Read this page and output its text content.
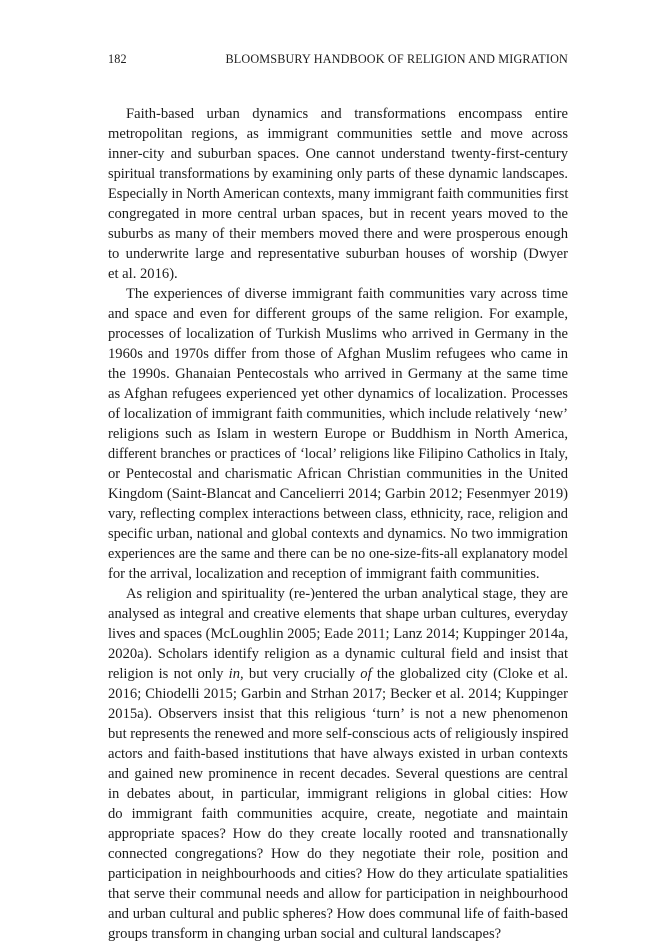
182	BLOOMSBURY HANDBOOK OF RELIGION AND MIGRATION

Faith-based urban dynamics and transformations encompass entire
metropolitan regions, as immigrant communities settle and move across
inner-city and suburban spaces. One cannot understand twenty-first-century
spiritual transformations by examining only parts of these dynamic landscapes.
Especially in North American contexts, many immigrant faith communities first
congregated in more central urban spaces, but in recent years moved to the
suburbs as many of their members moved there and were prosperous enough
to underwrite large and representative suburban houses of worship (Dwyer
et al. 2016).

The experiences of diverse immigrant faith communities vary across time
and space and even for different groups of the same religion. For example,
processes of localization of Turkish Muslims who arrived in Germany in the
1960s and 1970s differ from those of Afghan Muslim refugees who came in
the 1990s. Ghanaian Pentecostals who arrived in Germany at the same time
as Afghan refugees experienced yet other dynamics of localization. Processes
of localization of immigrant faith communities, which include relatively ‘new’
religions such as Islam in western Europe or Buddhism in North America,
different branches or practices of ‘local’ religions like Filipino Catholics in Italy,
or Pentecostal and charismatic African Christian communities in the United
Kingdom (Saint-Blancat and Cancelierri 2014; Garbin 2012; Fesenmyer 2019)
vary, reflecting complex interactions between class, ethnicity, race, religion and
specific urban, national and global contexts and dynamics. No two immigration
experiences are the same and there can be no one-size-fits-all explanatory model
for the arrival, localization and reception of immigrant faith communities.

As religion and spirituality (re-)entered the urban analytical stage, they are
analysed as integral and creative elements that shape urban cultures, everyday
lives and spaces (McLoughlin 2005; Eade 2011; Lanz 2014; Kuppinger 2014a,
2020a). Scholars identify religion as a dynamic cultural field and insist that
religion is not only in, but very crucially of the globalized city (Cloke et al.
2016; Chiodelli 2015; Garbin and Strhan 2017; Becker et al. 2014; Kuppinger
2015a). Observers insist that this religious ‘turn’ is not a new phenomenon
but represents the renewed and more self-conscious acts of religiously inspired
actors and faith-based institutions that have always existed in urban contexts
and gained new prominence in recent decades. Several questions are central
in debates about, in particular, immigrant religions in global cities: How
do immigrant faith communities acquire, create, negotiate and maintain
appropriate spaces? How do they create locally rooted and transnationally
connected congregations? How do they negotiate their role, position and
participation in neighbourhoods and cities? How do they articulate spatialities
that serve their communal needs and allow for participation in neighbourhood
and urban cultural and public spheres? How does communal life of faith-based
groups transform in changing urban social and cultural landscapes?
